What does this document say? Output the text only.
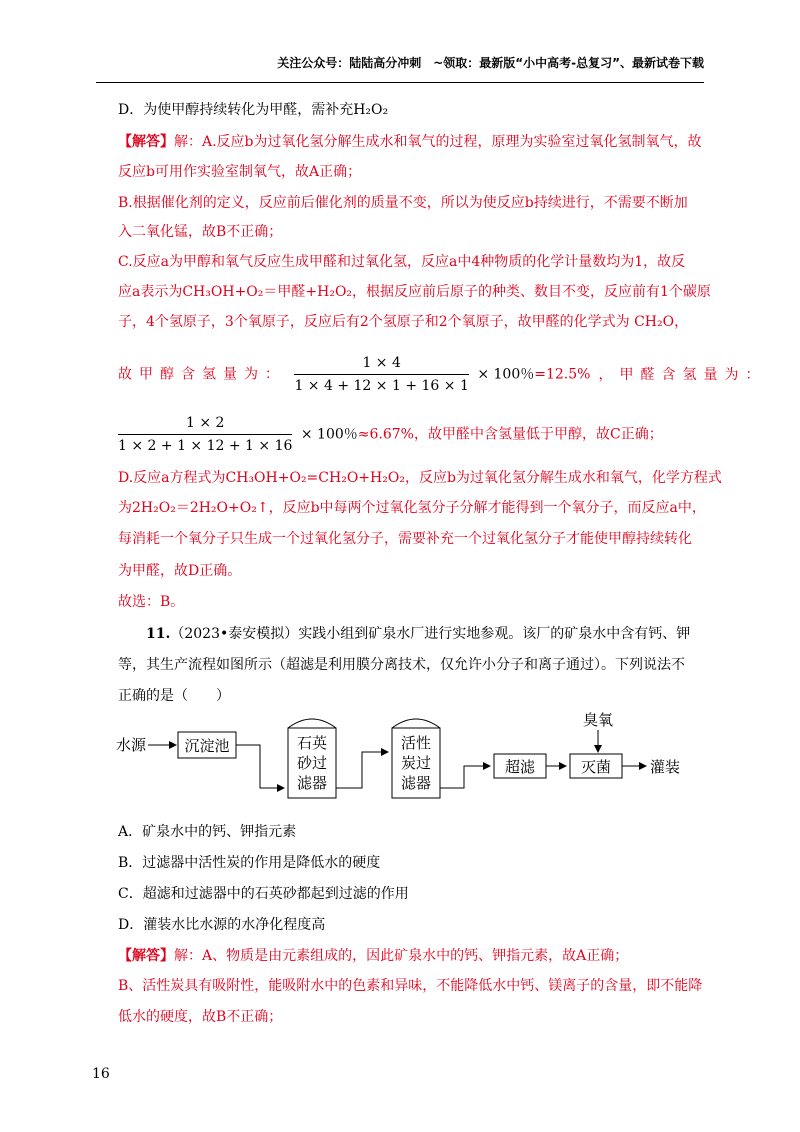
关注公众号：陆陆高分冲刺　~领取：最新版“小中高考-总复习”、最新试卷下载
D．为使甲醇持续转化为甲醛，需补充H₂O₂
【解答】解：A.反应b为过氧化氢分解生成水和氧气的过程，原理为实验室过氧化氢制氧气，故
反应b可用作实验室制氧气，故A正确；
B.根据催化剂的定义，反应前后催化剂的质量不变，所以为使反应b持续进行，不需要不断加
入二氧化锰，故B不正确；
C.反应a为甲醇和氧气反应生成甲醛和过氧化氢，反应a中4种物质的化学计量数均为1，故反
应a表示为CH₃OH+O₂＝甲醛+H₂O₂，根据反应前后原子的种类、数目不变，反应前有1个碳原
子，4个氢原子，3个氧原子，反应后有2个氢原子和2个氧原子，故甲醛的化学式为 CH₂O，
故甲醇含氢量为： $\frac{1 \times 4}{1 \times 4 + 12 \times 1 + 16 \times 1} \times 100$％=12.5% ，甲醛含氢量为：
$\frac{1 \times 2}{1 \times 2 + 1 \times 12 + 1 \times 16} \times 100$％≈6.67%，故甲醛中含氢量低于甲醇，故C正确；
D.反应a方程式为CH₃OH+O₂=CH₂O+H₂O₂，反应b为过氧化氢分解生成水和氧气，化学方程式
为2H₂O₂＝2H₂O+O₂↑，反应b中每两个过氧化氢分子分解才能得到一个氧分子，而反应a中，
每消耗一个氧分子只生成一个过氧化氢分子，需要补充一个过氧化氢分子才能使甲醇持续转化
为甲醛，故D正确。
故选：B。
11.（2023•泰安模拟）实践小组到矿泉水厂进行实地参观。该厂的矿泉水中含有钙、钾
等，其生产流程如图所示（超滤是利用膜分离技术，仅允许小分子和离子通过）。下列说法不
正确的是（　　）
水源	沉淀池	石英
砂过
滤器
活性
炭过
滤器
超滤
臭氧
灭菌	灌装
A．矿泉水中的钙、钾指元素
B．过滤器中活性炭的作用是降低水的硬度
C．超滤和过滤器中的石英砂都起到过滤的作用
D．灌装水比水源的水净化程度高
【解答】解：A、物质是由元素组成的，因此矿泉水中的钙、钾指元素，故A正确；
B、活性炭具有吸附性，能吸附水中的色素和异味，不能降低水中钙、镁离子的含量，即不能降
低水的硬度，故B不正确；
16
